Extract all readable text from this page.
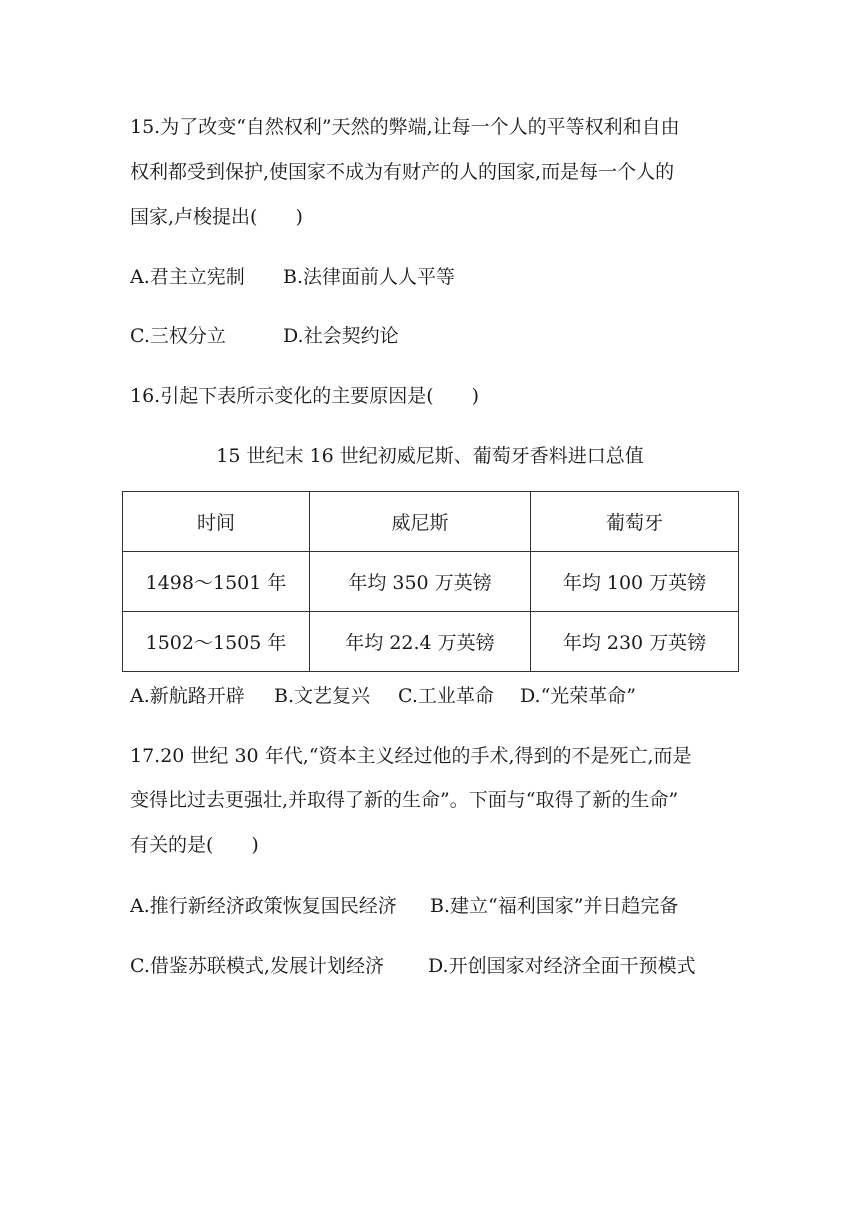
15.为了改变“自然权利”天然的弊端,让每一个人的平等权利和自由
权利都受到保护,使国家不成为有财产的人的国家,而是每一个人的
国家,卢梭提出(　　)
A.君主立宪制 B.法律面前人人平等
C.三权分立	D.社会契约论
16.引起下表所示变化的主要原因是(　　)
15 世纪末 16 世纪初威尼斯、葡萄牙香料进口总值
时间	威尼斯	葡萄牙
1498～1501 年	年均 350 万英镑	年均 100 万英镑
1502～1505 年	年均 22.4 万英镑	年均 230 万英镑
A.新航路开辟 B.文艺复兴 C.工业革命 D.“光荣革命”
17.20 世纪 30 年代,“资本主义经过他的手术,得到的不是死亡,而是
变得比过去更强壮,并取得了新的生命”。下面与“取得了新的生命”
有关的是(　　)
A.推行新经济政策恢复国民经济 B.建立“福利国家”并日趋完备
C.借鉴苏联模式,发展计划经济 D.开创国家对经济全面干预模式
